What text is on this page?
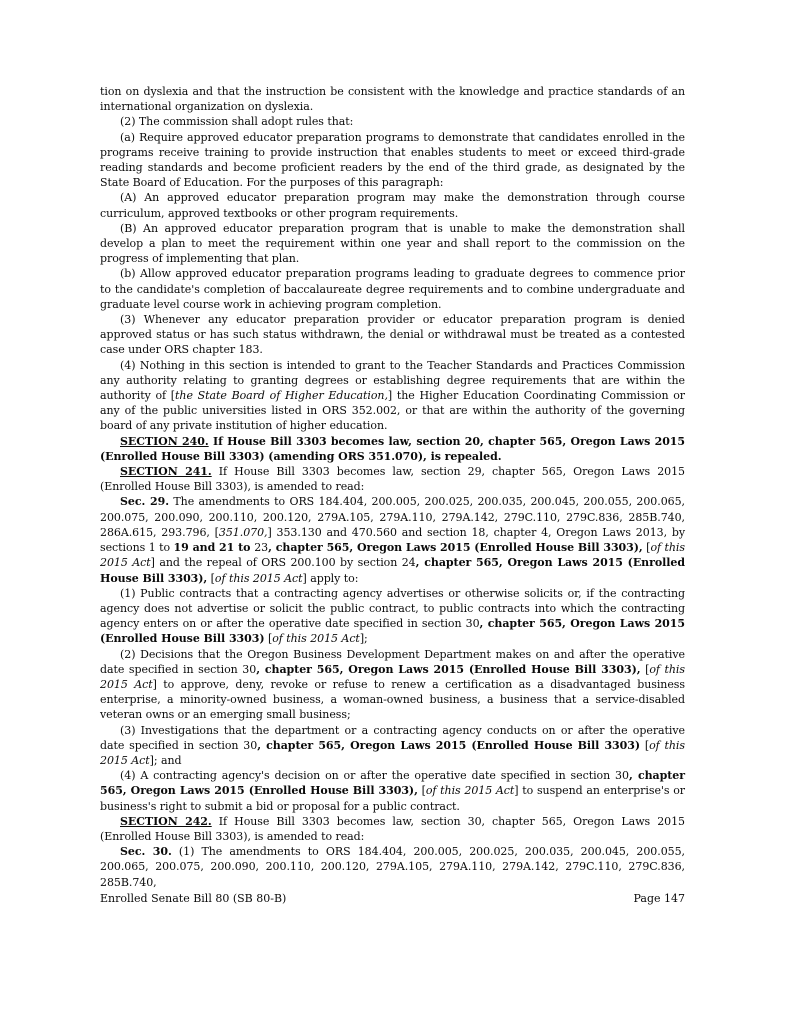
tion on dyslexia and that the instruction be consistent with the knowledge and practice standards of an international organization on dyslexia.

(2) The commission shall adopt rules that:

(a) Require approved educator preparation programs to demonstrate that candidates enrolled in the programs receive training to provide instruction that enables students to meet or exceed third-grade reading standards and become proficient readers by the end of the third grade, as designated by the State Board of Education. For the purposes of this paragraph:

(A) An approved educator preparation program may make the demonstration through course curriculum, approved textbooks or other program requirements.

(B) An approved educator preparation program that is unable to make the demonstration shall develop a plan to meet the requirement within one year and shall report to the commission on the progress of implementing that plan.

(b) Allow approved educator preparation programs leading to graduate degrees to commence prior to the candidate's completion of baccalaureate degree requirements and to combine undergraduate and graduate level course work in achieving program completion.

(3) Whenever any educator preparation provider or educator preparation program is denied approved status or has such status withdrawn, the denial or withdrawal must be treated as a contested case under ORS chapter 183.

(4) Nothing in this section is intended to grant to the Teacher Standards and Practices Commission any authority relating to granting degrees or establishing degree requirements that are within the authority of [the State Board of Higher Education,] the Higher Education Coordinating Commission or any of the public universities listed in ORS 352.002, or that are within the authority of the governing board of any private institution of higher education.

SECTION 240. If House Bill 3303 becomes law, section 20, chapter 565, Oregon Laws 2015 (Enrolled House Bill 3303) (amending ORS 351.070), is repealed.

SECTION 241. If House Bill 3303 becomes law, section 29, chapter 565, Oregon Laws 2015 (Enrolled House Bill 3303), is amended to read:

Sec. 29. The amendments to ORS 184.404, 200.005, 200.025, 200.035, 200.045, 200.055, 200.065, 200.075, 200.090, 200.110, 200.120, 279A.105, 279A.110, 279A.142, 279C.110, 279C.836, 285B.740, 286A.615, 293.796, [351.070,] 353.130 and 470.560 and section 18, chapter 4, Oregon Laws 2013, by sections 1 to 19 and 21 to 23, chapter 565, Oregon Laws 2015 (Enrolled House Bill 3303), [of this 2015 Act] and the repeal of ORS 200.100 by section 24, chapter 565, Oregon Laws 2015 (Enrolled House Bill 3303), [of this 2015 Act] apply to:

(1) Public contracts that a contracting agency advertises or otherwise solicits or, if the contracting agency does not advertise or solicit the public contract, to public contracts into which the contracting agency enters on or after the operative date specified in section 30, chapter 565, Oregon Laws 2015 (Enrolled House Bill 3303) [of this 2015 Act];

(2) Decisions that the Oregon Business Development Department makes on and after the operative date specified in section 30, chapter 565, Oregon Laws 2015 (Enrolled House Bill 3303), [of this 2015 Act] to approve, deny, revoke or refuse to renew a certification as a disadvantaged business enterprise, a minority-owned business, a woman-owned business, a business that a service-disabled veteran owns or an emerging small business;

(3) Investigations that the department or a contracting agency conducts on or after the operative date specified in section 30, chapter 565, Oregon Laws 2015 (Enrolled House Bill 3303) [of this 2015 Act]; and

(4) A contracting agency's decision on or after the operative date specified in section 30, chapter 565, Oregon Laws 2015 (Enrolled House Bill 3303), [of this 2015 Act] to suspend an enterprise's or business's right to submit a bid or proposal for a public contract.

SECTION 242. If House Bill 3303 becomes law, section 30, chapter 565, Oregon Laws 2015 (Enrolled House Bill 3303), is amended to read:

Sec. 30. (1) The amendments to ORS 184.404, 200.005, 200.025, 200.035, 200.045, 200.055, 200.065, 200.075, 200.090, 200.110, 200.120, 279A.105, 279A.110, 279A.142, 279C.110, 279C.836, 285B.740,

Enrolled Senate Bill 80 (SB 80-B)	Page 147
